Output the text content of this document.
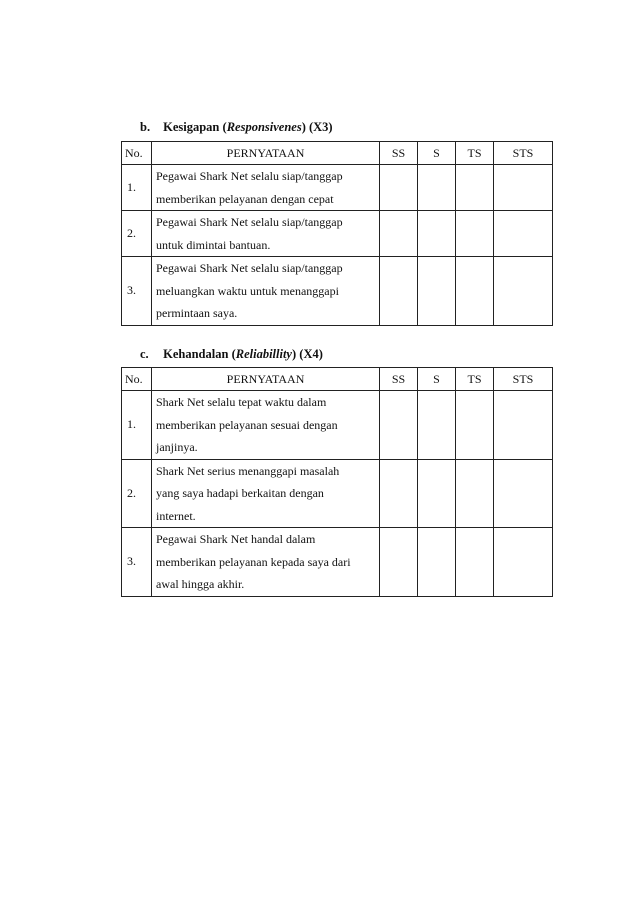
b. Kesigapan (Responsivenes) (X3)
No.	PERNYATAAN	SS	S	TS	STS
1.	Pegawai Shark Net selalu siap/tanggap
memberikan pelayanan dengan cepat				

2.	Pegawai Shark Net selalu siap/tanggap
untuk dimintai bantuan.				

3.	Pegawai Shark Net selalu siap/tanggap
meluangkan waktu untuk menanggapi
permintaan saya.				

c. Kehandalan (Reliabillity) (X4)
No.	PERNYATAAN	SS	S	TS	STS
1.	Shark Net selalu tepat waktu dalam
memberikan pelayanan sesuai dengan
janjinya.				

2.	Shark Net serius menanggapi masalah
yang saya hadapi berkaitan dengan
internet.				

3.	Pegawai Shark Net handal dalam
memberikan pelayanan kepada saya dari
awal hingga akhir.				
